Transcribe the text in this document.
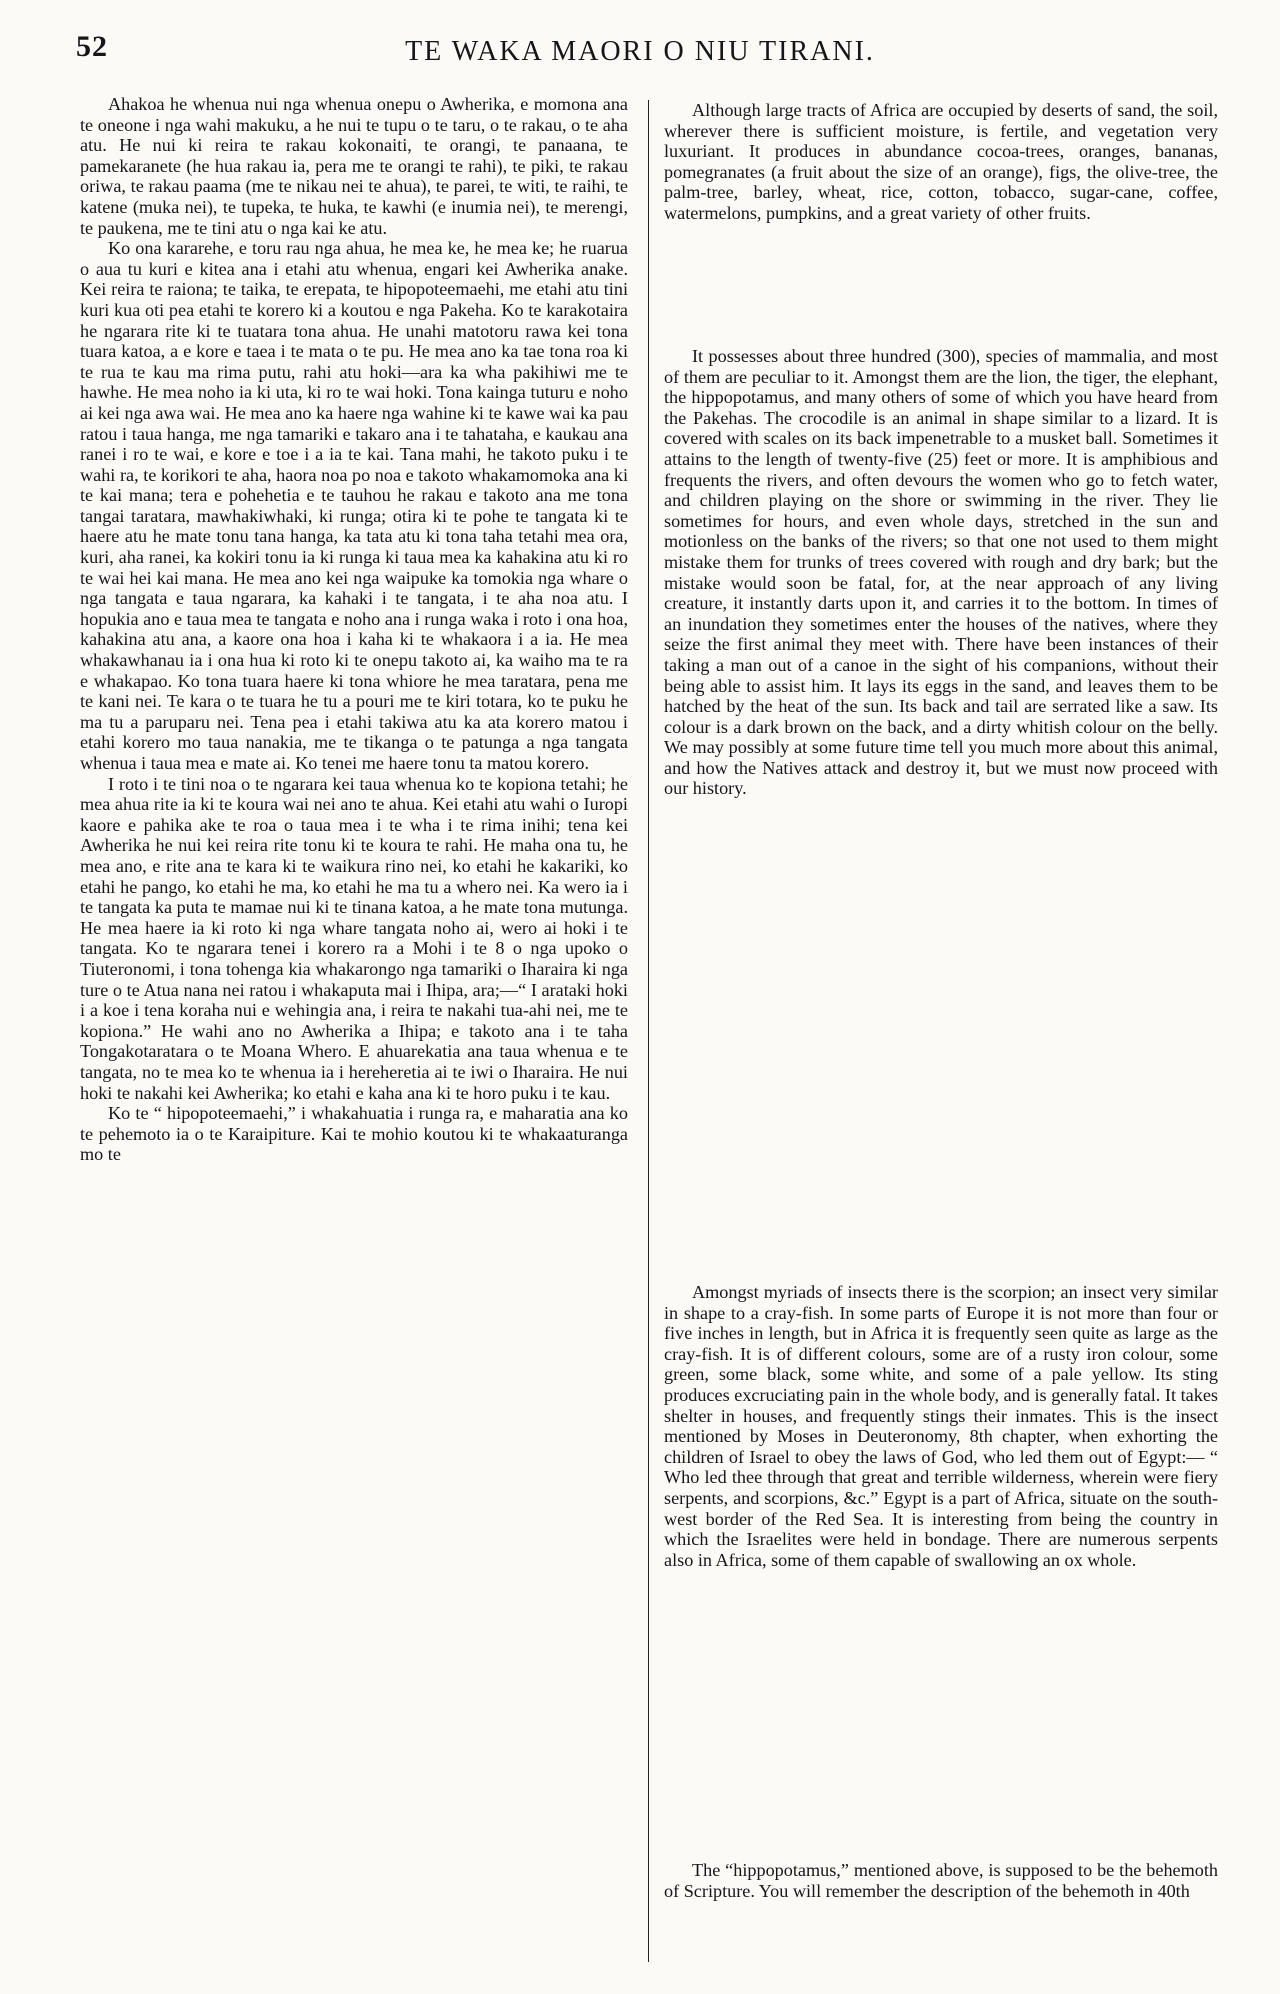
52	TE WAKA MAORI O NIU TIRANI.

Ahakoa he whenua nui nga whenua onepu o Awherika, e momona ana te oneone i nga wahi makuku, a he nui te tupu o te taru, o te rakau, o te aha atu. He nui ki reira te rakau kokonaiti, te orangi, te panaana, te pamekaranete (he hua rakau ia, pera me te orangi te rahi), te piki, te rakau oriwa, te rakau paama (me te nikau nei te ahua), te parei, te witi, te raihi, te katene (muka nei), te tupeka, te huka, te kawhi (e inumia nei), te merengi, te paukena, me te tini atu o nga kai ke atu.

Ko ona kararehe, e toru rau nga ahua, he mea ke, he mea ke; he ruarua o aua tu kuri e kitea ana i etahi atu whenua, engari kei Awherika anake. Kei reira te raiona; te taika, te erepata, te hipopoteemaehi, me etahi atu tini kuri kua oti pea etahi te korero ki a koutou e nga Pakeha. Ko te karakotaira he ngarara rite ki te tuatara tona ahua. He unahi matotoru rawa kei tona tuara katoa, a e kore e taea i te mata o te pu. He mea ano ka tae tona roa ki te rua te kau ma rima putu, rahi atu hoki—ara ka wha pakihiwi me te hawhe. He mea noho ia ki uta, ki ro te wai hoki. Tona kainga tuturu e noho ai kei nga awa wai. He mea ano ka haere nga wahine ki te kawe wai ka pau ratou i taua hanga, me nga tamariki e takaro ana i te tahataha, e kaukau ana ranei i ro te wai, e kore e toe i a ia te kai. Tana mahi, he takoto puku i te wahi ra, te korikori te aha, haora noa po noa e takoto whakamomoka ana ki te kai mana; tera e pohehetia e te tauhou he rakau e takoto ana me tona tangai taratara, mawhakiwhaki, ki runga; otira ki te pohe te tangata ki te haere atu he mate tonu tana hanga, ka tata atu ki tona taha tetahi mea ora, kuri, aha ranei, ka kokiri tonu ia ki runga ki taua mea ka kahakina atu ki ro te wai hei kai mana. He mea ano kei nga waipuke ka tomokia nga whare o nga tangata e taua ngarara, ka kahaki i te tangata, i te aha noa atu. I hopukia ano e taua mea te tangata e noho ana i runga waka i roto i ona hoa, kahakina atu ana, a kaore ona hoa i kaha ki te whakaora i a ia. He mea whakawhanau ia i ona hua ki roto ki te onepu takoto ai, ka waiho ma te ra e whakapao. Ko tona tuara haere ki tona whiore he mea taratara, pena me te kani nei. Te kara o te tuara he tu a pouri me te kiri totara, ko te puku he ma tu a paruparu nei. Tena pea i etahi takiwa atu ka ata korero matou i etahi korero mo taua nanakia, me te tikanga o te patunga a nga tangata whenua i taua mea e mate ai. Ko tenei me haere tonu ta matou korero.

I roto i te tini noa o te ngarara kei taua whenua ko te kopiona tetahi; he mea ahua rite ia ki te koura wai nei ano te ahua. Kei etahi atu wahi o Iuropi kaore e pahika ake te roa o taua mea i te wha i te rima inihi; tena kei Awherika he nui kei reira rite tonu ki te koura te rahi. He maha ona tu, he mea ano, e rite ana te kara ki te waikura rino nei, ko etahi he kakariki, ko etahi he pango, ko etahi he ma, ko etahi he ma tu a whero nei. Ka wero ia i te tangata ka puta te mamae nui ki te tinana katoa, a he mate tona mutunga. He mea haere ia ki roto ki nga whare tangata noho ai, wero ai hoki i te tangata. Ko te ngarara tenei i korero ra a Mohi i te 8 o nga upoko o Tiuteronomi, i tona tohenga kia whakarongo nga tamariki o Iharaira ki nga ture o te Atua nana nei ratou i whakaputa mai i Ihipa, ara;—“ I arataki hoki i a koe i tena koraha nui e wehingia ana, i reira te nakahi tua-ahi nei, me te kopiona.” He wahi ano no Awherika a Ihipa; e takoto ana i te taha Tongakotaratara o te Moana Whero. E ahuarekatia ana taua whenua e te tangata, no te mea ko te whenua ia i hereheretia ai te iwi o Iharaira. He nui hoki te nakahi kei Awherika; ko etahi e kaha ana ki te horo puku i te kau.

Ko te “ hipopoteemaehi,” i whakahuatia i runga ra, e maharatia ana ko te pehemoto ia o te Karaipiture. Kai te mohio koutou ki te whakaaturanga mo te

Although large tracts of Africa are occupied by deserts of sand, the soil, wherever there is sufficient moisture, is fertile, and vegetation very luxuriant. It produces in abundance cocoa-trees, oranges, bananas, pomegranates (a fruit about the size of an orange), figs, the olive-tree, the palm-tree, barley, wheat, rice, cotton, tobacco, sugar-cane, coffee, watermelons, pumpkins, and a great variety of other fruits.

It possesses about three hundred (300), species of mammalia, and most of them are peculiar to it. Amongst them are the lion, the tiger, the elephant, the hippopotamus, and many others of some of which you have heard from the Pakehas. The crocodile is an animal in shape similar to a lizard. It is covered with scales on its back impenetrable to a musket ball. Sometimes it attains to the length of twenty-five (25) feet or more. It is amphibious and frequents the rivers, and often devours the women who go to fetch water, and children playing on the shore or swimming in the river. They lie sometimes for hours, and even whole days, stretched in the sun and motionless on the banks of the rivers; so that one not used to them might mistake them for trunks of trees covered with rough and dry bark; but the mistake would soon be fatal, for, at the near approach of any living creature, it instantly darts upon it, and carries it to the bottom. In times of an inundation they sometimes enter the houses of the natives, where they seize the first animal they meet with. There have been instances of their taking a man out of a canoe in the sight of his companions, without their being able to assist him. It lays its eggs in the sand, and leaves them to be hatched by the heat of the sun. Its back and tail are serrated like a saw. Its colour is a dark brown on the back, and a dirty whitish colour on the belly. We may possibly at some future time tell you much more about this animal, and how the Natives attack and destroy it, but we must now proceed with our history.

Amongst myriads of insects there is the scorpion; an insect very similar in shape to a cray-fish. In some parts of Europe it is not more than four or five inches in length, but in Africa it is frequently seen quite as large as the cray-fish. It is of different colours, some are of a rusty iron colour, some green, some black, some white, and some of a pale yellow. Its sting produces excruciating pain in the whole body, and is generally fatal. It takes shelter in houses, and frequently stings their inmates. This is the insect mentioned by Moses in Deuteronomy, 8th chapter, when exhorting the children of Israel to obey the laws of God, who led them out of Egypt:— “ Who led thee through that great and terrible wilderness, wherein were fiery serpents, and scorpions, &c.” Egypt is a part of Africa, situate on the south-west border of the Red Sea. It is interesting from being the country in which the Israelites were held in bondage. There are numerous serpents also in Africa, some of them capable of swallowing an ox whole.

The “hippopotamus,” mentioned above, is supposed to be the behemoth of Scripture. You will remember the description of the behemoth in 40th
